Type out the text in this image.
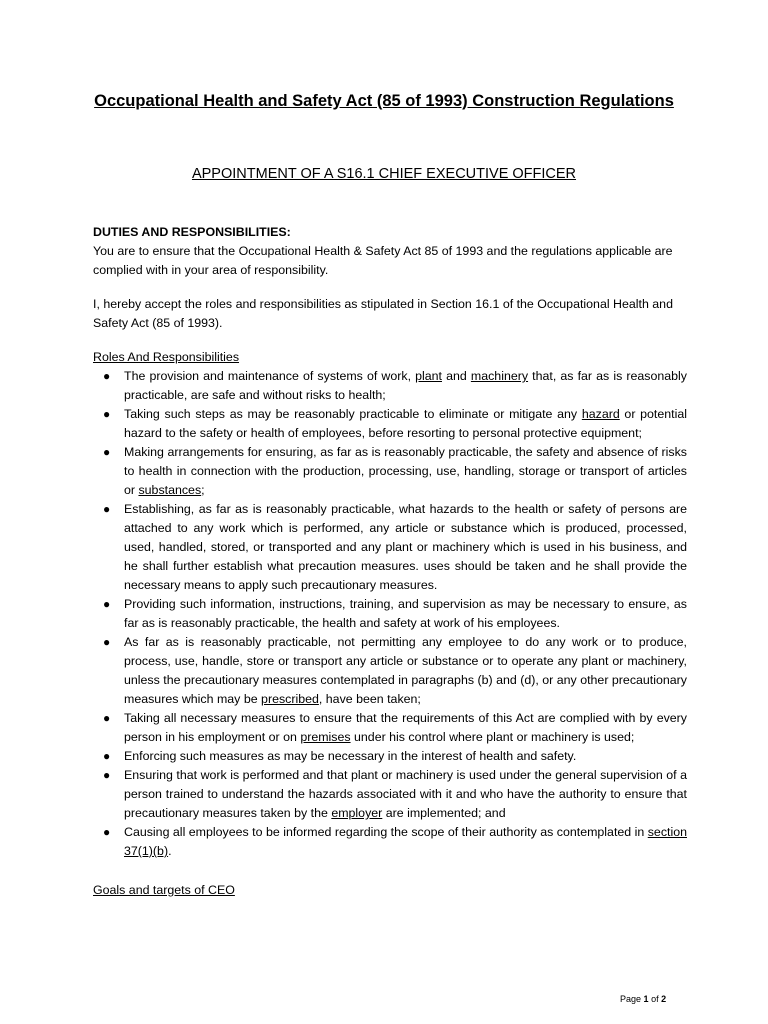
Occupational Health and Safety Act (85 of 1993) Construction Regulations
APPOINTMENT OF A S16.1 CHIEF EXECUTIVE OFFICER

DUTIES AND RESPONSIBILITIES:

You are to ensure that the Occupational Health & Safety Act 85 of 1993 and the regulations applicable are complied with in your area of responsibility.

I, hereby accept the roles and responsibilities as stipulated in Section 16.1 of the Occupational Health and Safety Act (85 of 1993).

Roles And Responsibilities

● The provision and maintenance of systems of work, plant and machinery that, as far as is reasonably practicable, are safe and without risks to health;
● Taking such steps as may be reasonably practicable to eliminate or mitigate any hazard or potential hazard to the safety or health of employees, before resorting to personal protective equipment;
● Making arrangements for ensuring, as far as is reasonably practicable, the safety and absence of risks to health in connection with the production, processing, use, handling, storage or transport of articles or substances;
● Establishing, as far as is reasonably practicable, what hazards to the health or safety of persons are attached to any work which is performed, any article or substance which is produced, processed, used, handled, stored, or transported and any plant or machinery which is used in his business, and he shall further establish what precaution measures. uses should be taken and he shall provide the necessary means to apply such precautionary measures.
● Providing such information, instructions, training, and supervision as may be necessary to ensure, as far as is reasonably practicable, the health and safety at work of his employees.
● As far as is reasonably practicable, not permitting any employee to do any work or to produce, process, use, handle, store or transport any article or substance or to operate any plant or machinery, unless the precautionary measures contemplated in paragraphs (b) and (d), or any other precautionary measures which may be prescribed, have been taken;
● Taking all necessary measures to ensure that the requirements of this Act are complied with by every person in his employment or on premises under his control where plant or machinery is used;
● Enforcing such measures as may be necessary in the interest of health and safety.
● Ensuring that work is performed and that plant or machinery is used under the general supervision of a person trained to understand the hazards associated with it and who have the authority to ensure that precautionary measures taken by the employer are implemented; and
● Causing all employees to be informed regarding the scope of their authority as contemplated in section 37(1)(b).

Goals and targets of CEO

Page 1 of 2
